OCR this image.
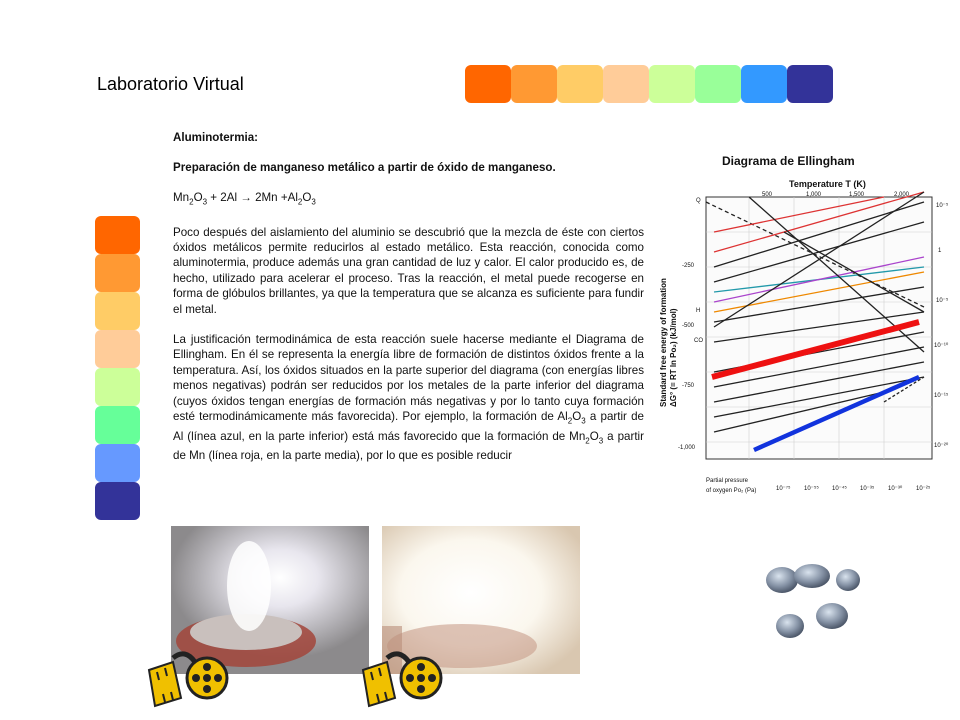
Laboratorio Virtual

Aluminotermia:

Preparación de manganeso metálico a partir de óxido de manganeso.

$Mn_2O_3 + 2Al \to 2Mn +Al_2O_3$

Poco después del aislamiento del aluminio se descubrió que la mezcla de éste con ciertos óxidos metálicos permite reducirlos al estado metálico. Esta reacción, conocida como aluminotermia, produce además una gran cantidad de luz y calor. El calor producido es, de hecho, utilizado para acelerar el proceso. Tras la reacción, el metal puede recogerse en forma de glóbulos brillantes, ya que la temperatura que se alcanza es suficiente para fundir el metal.

La justificación termodinámica de esta reacción suele hacerse mediante el Diagrama de Ellingham. En él se representa la energía libre de formación de distintos óxidos frente a la temperatura. Así, los óxidos situados en la parte superior del diagrama (con energías libres menos negativas) podrán ser reducidos por los metales de la parte inferior del diagrama (cuyos óxidos tengan energías de formación más negativas y por lo tanto cuya formación esté termodinámicamente más favorecida). Por ejemplo, la formación de $Al_2O_3$ a partir de Al (línea azul, en la parte inferior) está más favorecido que la formación de $Mn_2O_3$ a partir de Mn (línea roja, en la parte media), por lo que es posible reducir

Diagrama de Ellingham
Temperature T (K)
500	1,000	1,500	2,000
-250
-500
-750
-1,000
Q
H
CO
Standard free energy of formation ΔG° (= RT ln Po₂) (kJ/mol)
10⁻⁵
1
10⁻⁵
10⁻¹⁰
10⁻¹⁵
10⁻²⁰
Partial pressure
of oxygen Po₂ (Pa)	10⁻⁷⁵ 10⁻⁵⁵ 10⁻⁴⁵ 10⁻³⁵ 10⁻³⁰ 10⁻²⁵
